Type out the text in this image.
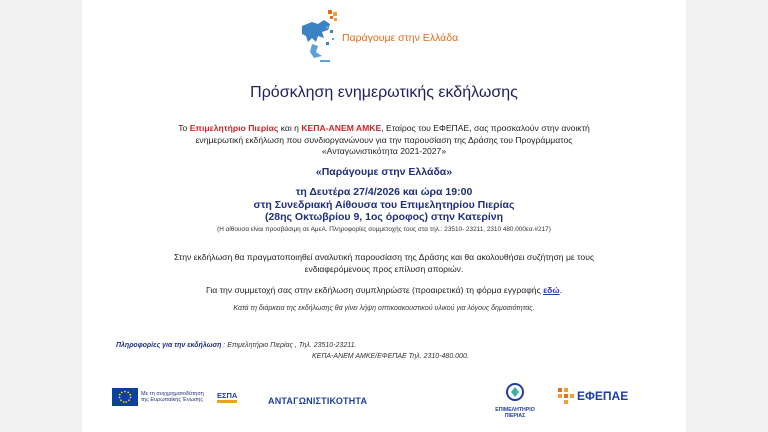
Παράγουμε στην Ελλάδα
Πρόσκληση ενημερωτικής εκδήλωσης
Το Επιμελητήριο Πιερίας και η ΚΕΠΑ-ΑΝΕΜ ΑΜΚΕ, Εταίρος του ΕΦΕΠΑΕ, σας προσκαλούν στην ανοικτή
ενημερωτική εκδήλωση που συνδιοργανώνουν για την παρουσίαση της Δράσης του Προγράμματος
«Ανταγωνιστικότητα 2021-2027»
«Παράγουμε στην Ελλάδα»
τη Δευτέρα 27/4/2026 και ώρα 19:00
στη Συνεδριακή Αίθουσα του Επιμελητηρίου Πιερίας
(28ης Οκτωβρίου 9, 1ος όροφος) στην Κατερίνη
(Η αίθουσα είναι προσβάσιμη σε ΑμεΑ. Πληροφορίες συμμετοχής τους στα τηλ.: 23510- 23211, 2310 480.000εσ.#217)
Στην εκδήλωση θα πραγματοποιηθεί αναλυτική παρουσίαση της Δράσης και θα ακολουθήσει συζήτηση με τους
ενδιαφερόμενους προς επίλυση αποριών.
Για την συμμετοχή σας στην εκδήλωση συμπληρώστε (προαιρετικά) τη φόρμα εγγραφής εδώ.
Κατά τη διάρκεια της εκδήλωσης θα γίνει λήψη οπτικοακουστικού υλικού για λόγους δημοσιότητας.
Πληροφορίες για την εκδήλωση : Επιμελητήριο Πιερίας , Τηλ. 23510-23211.
ΚΕΠΑ-ΑΝΕΜ ΑΜΚΕ/ΕΦΕΠΑΕ Τηλ. 2310-480.000.
Με τη συγχρηματοδότηση της Ευρωπαϊκής Ένωσης	ΕΣΠΑ
ΑΝΤΑΓΩΝΙΣΤΙΚΟΤΗΤΑ
ΕΠΙΜΕΛΗΤΗΡΙΟ
ΠΙΕΡΙΑΣ
ΕΦΕΠΑΕ
